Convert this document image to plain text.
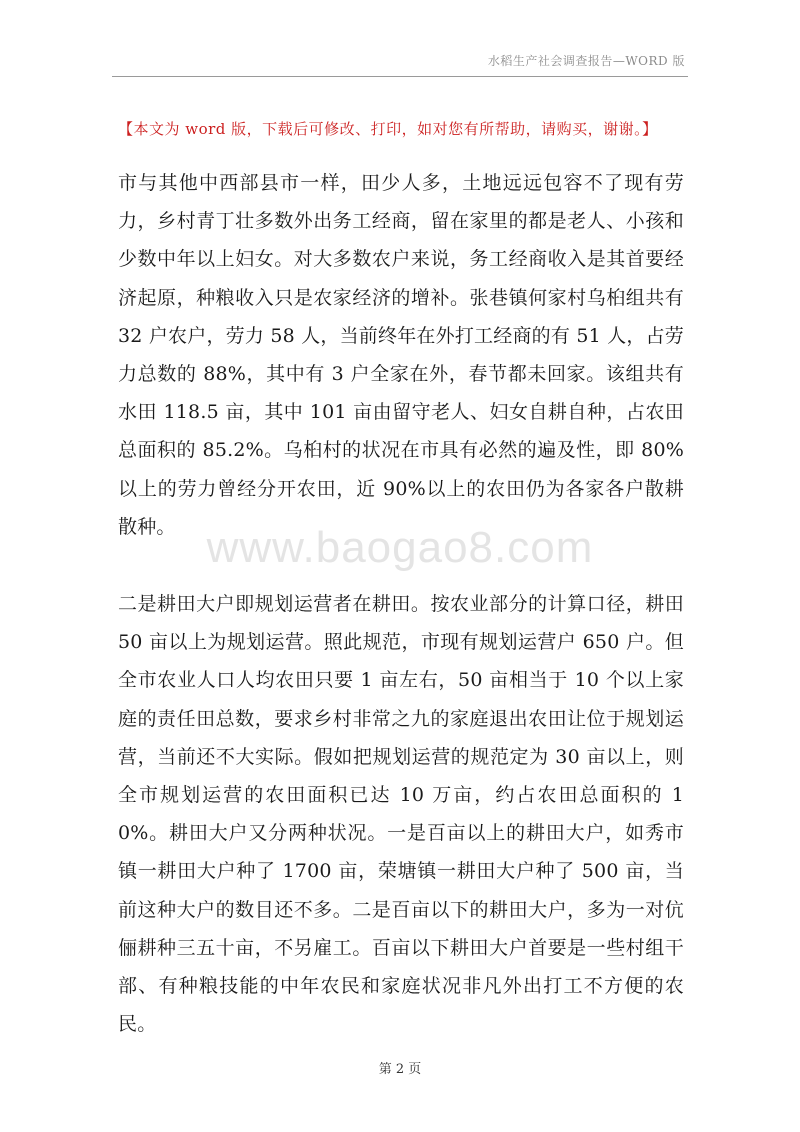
水稻生产社会调查报告—WORD 版
【本文为 word 版，下载后可修改、打印，如对您有所帮助，请购买，谢谢。】

市与其他中西部县市一样，田少人多，土地远远包容不了现有劳力，乡村青丁壮多数外出务工经商，留在家里的都是老人、小孩和少数中年以上妇女。对大多数农户来说，务工经商收入是其首要经济起原，种粮收入只是农家经济的增补。张巷镇何家村乌桕组共有 32 户农户，劳力 58 人，当前终年在外打工经商的有 51 人，占劳力总数的 88%，其中有 3 户全家在外，春节都未回家。该组共有水田 118.5 亩，其中 101 亩由留守老人、妇女自耕自种，占农田总面积的 85.2%。乌桕村的状况在市具有必然的遍及性，即 80%以上的劳力曾经分开农田，近 90%以上的农田仍为各家各户散耕散种。 www.baogao8.com

二是耕田大户即规划运营者在耕田。按农业部分的计算口径，耕田 50 亩以上为规划运营。照此规范，市现有规划运营户 650 户。但全市农业人口人均农田只要 1 亩左右，50 亩相当于 10 个以上家庭的责任田总数，要求乡村非常之九的家庭退出农田让位于规划运营，当前还不大实际。假如把规划运营的规范定为 30 亩以上，则全市规划运营的农田面积已达 10 万亩，约占农田总面积的 10%。耕田大户又分两种状况。一是百亩以上的耕田大户，如秀市镇一耕田大户种了 1700 亩，荣塘镇一耕田大户种了 500 亩，当前这种大户的数目还不多。二是百亩以下的耕田大户，多为一对伉俪耕种三五十亩，不另雇工。百亩以下耕田大户首要是一些村组干部、有种粮技能的中年农民和家庭状况非凡外出打工不方便的农民。

第 2 页
